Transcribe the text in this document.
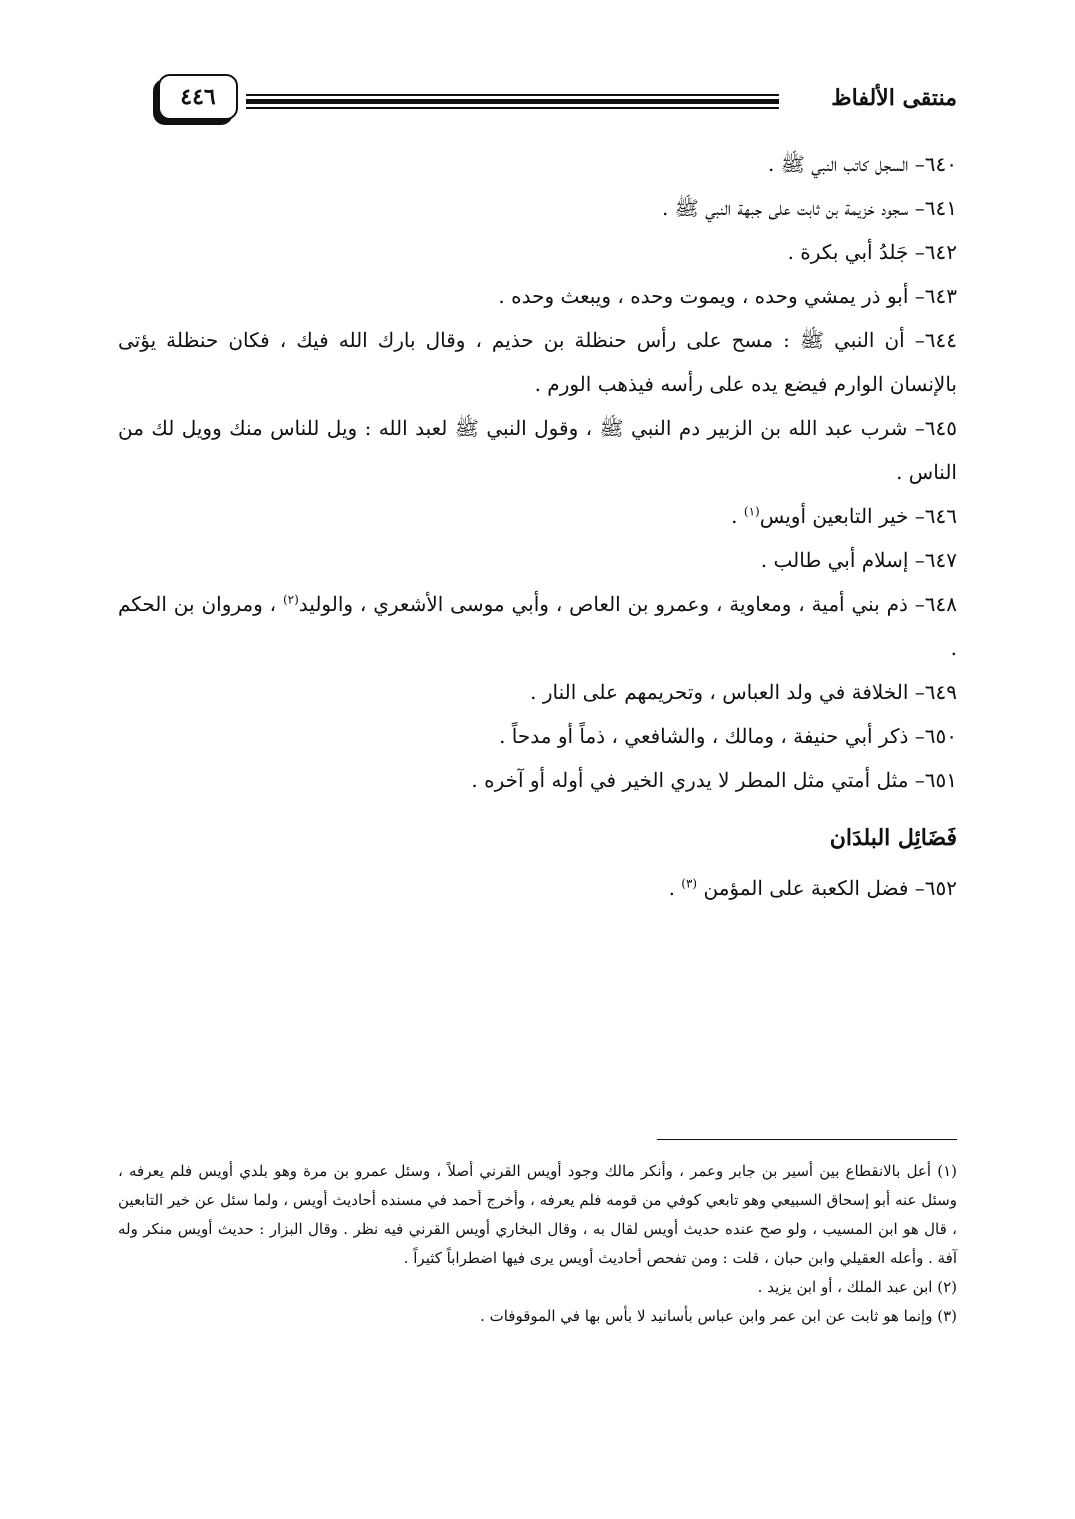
منتقى الألفاظ
٤٤٦

٦٤٠– السجل كاتب النبي ﷺ .

٦٤١– سجود خزيمة بن ثابت على جبهة النبي ﷺ .

٦٤٢– جَلدُ أبي بكرة .

٦٤٣– أبو ذر يمشي وحده ، ويموت وحده ، ويبعث وحده .

٦٤٤– أن النبي ﷺ : مسح على رأس حنظلة بن حذيم ، وقال بارك الله فيك ، فكان حنظلة يؤتى بالإنسان الوارم فيضع يده على رأسه فيذهب الورم .

٦٤٥– شرب عبد الله بن الزبير دم النبي ﷺ ، وقول النبي ﷺ لعبد الله : ويل للناس منك وويل لك من الناس .

٦٤٦– خير التابعين أويس$^{(١)}$ .

٦٤٧– إسلام أبي طالب .

٦٤٨– ذم بني أمية ، ومعاوية ، وعمرو بن العاص ، وأبي موسى الأشعري ، والوليد$^{(٢)}$ ، ومروان بن الحكم .

٦٤٩– الخلافة في ولد العباس ، وتحريمهم على النار .

٦٥٠– ذكر أبي حنيفة ، ومالك ، والشافعي ، ذماً أو مدحاً .

٦٥١– مثل أمتي مثل المطر لا يدري الخير في أوله أو آخره .

فَضَائِل البلدَان

٦٥٢– فضل الكعبة على المؤمن $^{(٣)}$ .

(١) أعل بالانقطاع بين أسير بن جابر وعمر ، وأنكر مالك وجود أويس القرني أصلاً ، وسئل عمرو بن مرة وهو بلدي أويس فلم يعرفه ، وسئل عنه أبو إسحاق السبيعي وهو تابعي كوفي من قومه فلم يعرفه ، وأخرج أحمد في مسنده أحاديث أويس ، ولما سئل عن خير التابعين ، قال هو ابن المسيب ، ولو صح عنده حديث أويس لقال به ، وقال البخاري أويس القرني فيه نظر . وقال البزار : حديث أويس منكر وله آفة . وأعله العقيلي وابن حبان ، قلت : ومن تفحص أحاديث أويس يرى فيها اضطراباً كثيراً .

(٢) ابن عبد الملك ، أو ابن يزيد .

(٣) وإنما هو ثابت عن ابن عمر وابن عباس بأسانيد لا بأس بها في الموقوفات .
